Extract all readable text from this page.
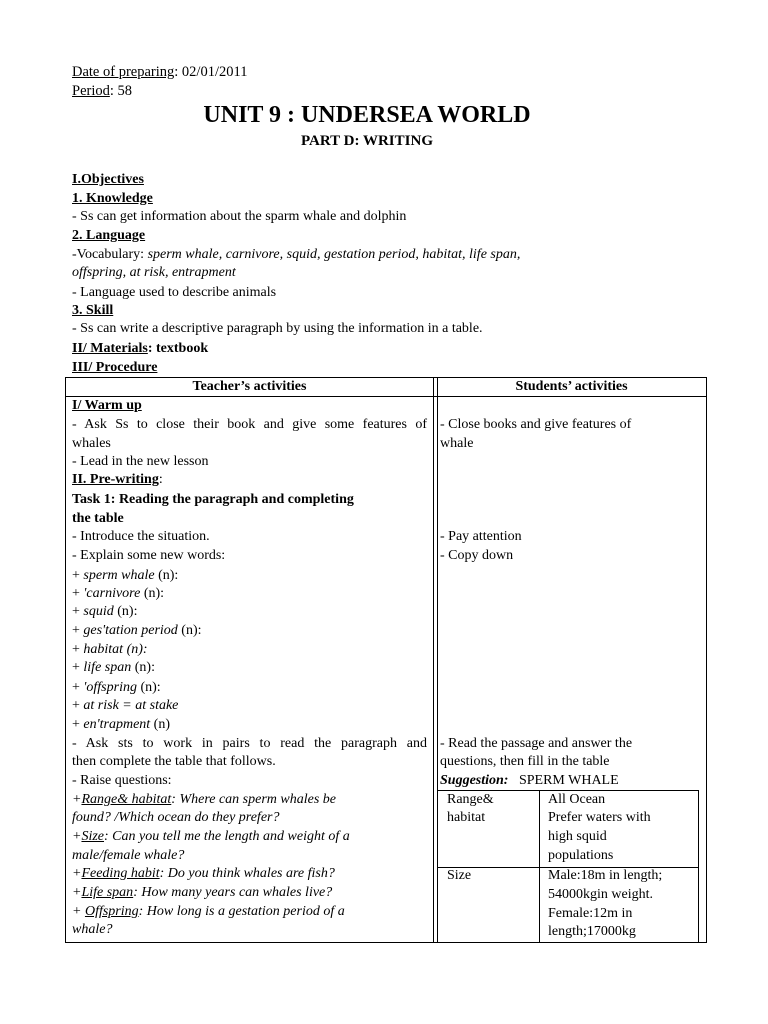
Date of preparing: 02/01/2011
Period: 58
UNIT 9 : UNDERSEA WORLD
PART D: WRITING
I.Objectives
1. Knowledge
- Ss can get information about the sparm whale and dolphin
2. Language
-Vocabulary: sperm whale, carnivore, squid, gestation period, habitat, life span,
offspring, at risk, entrapment
- Language used to describe animals
3. Skill
- Ss can write a descriptive paragraph by using the information in a table.
II/ Materials: textbook
III/ Procedure
Teacher’s activities	Students’ activities
I/ Warm up
- Ask Ss to close their book and give some features of
whales
- Lead in the new lesson
II. Pre-writing:
Task 1: Reading the paragraph and completing
the table
- Introduce the situation.
- Explain some new words:
+ sperm whale (n):
+ 'carnivore (n):
+ squid (n):
+ ges'tation period (n):
+ habitat (n):
+ life span (n):
+ 'offspring (n):
+ at risk = at stake
+ en'trapment (n)
- Ask sts to work in pairs to read the paragraph and
then complete the table that follows.
- Raise questions:
+Range& habitat: Where can sperm whales be
found? /Which ocean do they prefer?
+Size: Can you tell me the length and weight of a
male/female whale?
+Feeding habit: Do you think whales are fish?
+Life span: How many years can whales live?
+ Offspring: How long is a gestation period of a
whale?
- Close books and give features of
whale
- Pay attention
- Copy down
- Read the passage and answer the
questions, then fill in the table
Suggestion: SPERM WHALE
Range&
habitat
All Ocean
Prefer waters with
high squid
populations
Size	Male:18m in length;
54000kgin weight.
Female:12m in
length;17000kg
